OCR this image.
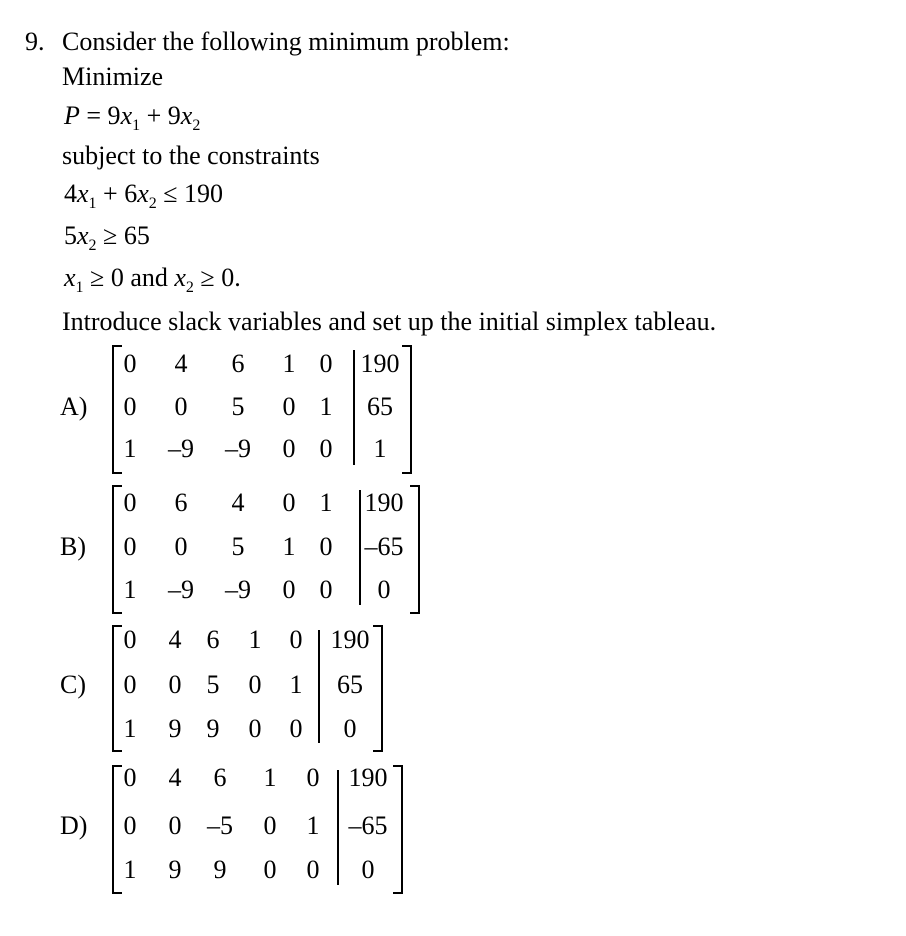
9. Consider the following minimum problem:
Minimize
$P = 9x_1 + 9x_2$
subject to the constraints
$4x_1 + 6x_2 \le 190$
$5x_2 \ge 65$
$x_1 \ge 0$ and $x_2 \ge 0$.
Introduce slack variables and set up the initial simplex tableau.
A)
0 4 6 1 0 190
0 0 5 0 1 65
1 –9 –9 0 0 1
B)
0 6 4 0 1 190
0 0 5 1 0 –65
1 –9 –9 0 0 0
C)
0 4 6 1 0 190
0 0 5 0 1 65
1 9 9 0 0 0
D)
0 4 6 1 0 190
0 0 –5 0 1 –65
1 9 9 0 0 0
